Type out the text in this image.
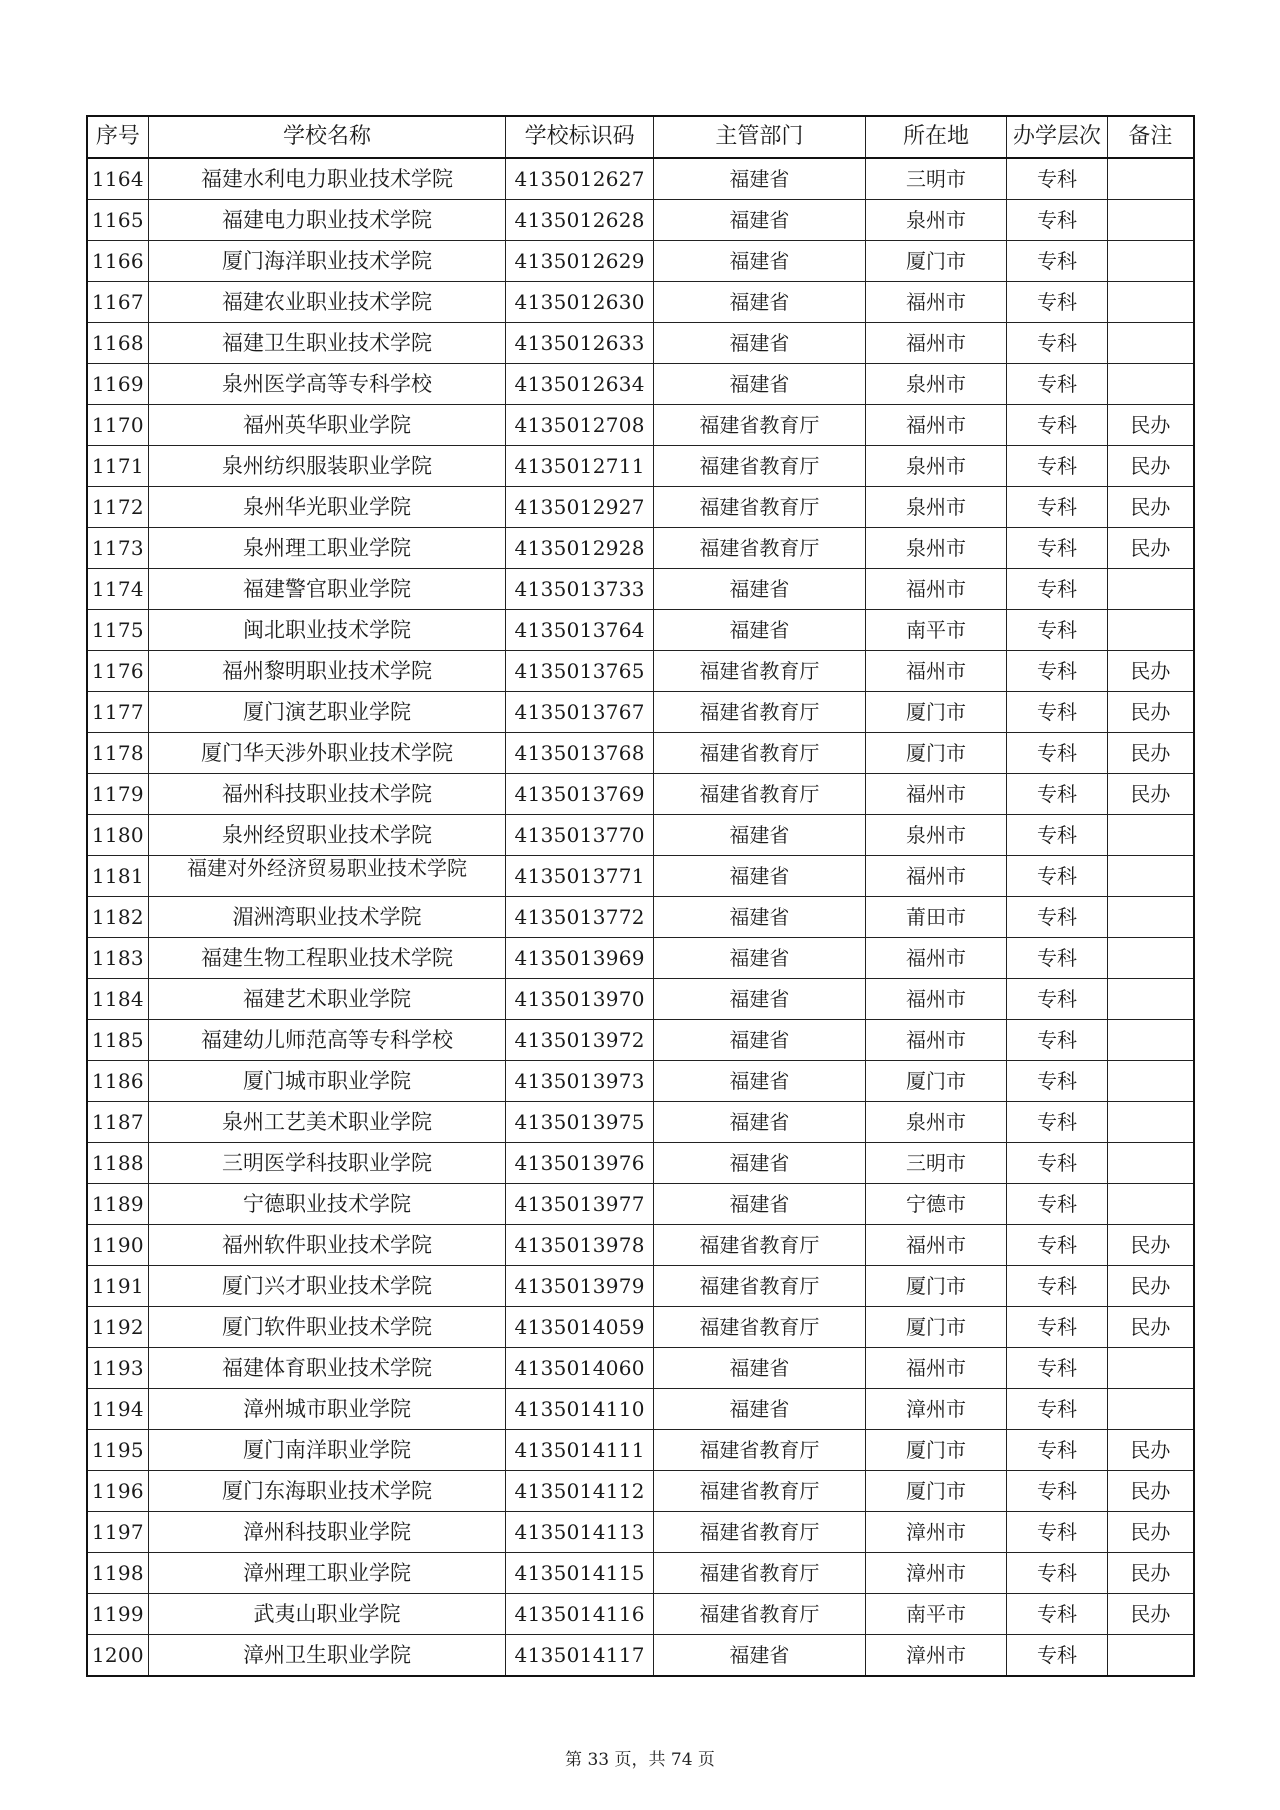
序号	学校名称	学校标识码	主管部门	所在地	办学层次	备注
1164	福建水利电力职业技术学院	4135012627	福建省	三明市	专科	
1165	福建电力职业技术学院	4135012628	福建省	泉州市	专科	
1166	厦门海洋职业技术学院	4135012629	福建省	厦门市	专科	
1167	福建农业职业技术学院	4135012630	福建省	福州市	专科	
1168	福建卫生职业技术学院	4135012633	福建省	福州市	专科	
1169	泉州医学高等专科学校	4135012634	福建省	泉州市	专科	
1170	福州英华职业学院	4135012708	福建省教育厅	福州市	专科	民办
1171	泉州纺织服装职业学院	4135012711	福建省教育厅	泉州市	专科	民办
1172	泉州华光职业学院	4135012927	福建省教育厅	泉州市	专科	民办
1173	泉州理工职业学院	4135012928	福建省教育厅	泉州市	专科	民办
1174	福建警官职业学院	4135013733	福建省	福州市	专科	
1175	闽北职业技术学院	4135013764	福建省	南平市	专科	
1176	福州黎明职业技术学院	4135013765	福建省教育厅	福州市	专科	民办
1177	厦门演艺职业学院	4135013767	福建省教育厅	厦门市	专科	民办
1178	厦门华天涉外职业技术学院	4135013768	福建省教育厅	厦门市	专科	民办
1179	福州科技职业技术学院	4135013769	福建省教育厅	福州市	专科	民办
1180	泉州经贸职业技术学院	4135013770	福建省	泉州市	专科	
1181	福建对外经济贸易职业技术学院	4135013771	福建省	福州市	专科	
1182	湄洲湾职业技术学院	4135013772	福建省	莆田市	专科	
1183	福建生物工程职业技术学院	4135013969	福建省	福州市	专科	
1184	福建艺术职业学院	4135013970	福建省	福州市	专科	
1185	福建幼儿师范高等专科学校	4135013972	福建省	福州市	专科	
1186	厦门城市职业学院	4135013973	福建省	厦门市	专科	
1187	泉州工艺美术职业学院	4135013975	福建省	泉州市	专科	
1188	三明医学科技职业学院	4135013976	福建省	三明市	专科	
1189	宁德职业技术学院	4135013977	福建省	宁德市	专科	
1190	福州软件职业技术学院	4135013978	福建省教育厅	福州市	专科	民办
1191	厦门兴才职业技术学院	4135013979	福建省教育厅	厦门市	专科	民办
1192	厦门软件职业技术学院	4135014059	福建省教育厅	厦门市	专科	民办
1193	福建体育职业技术学院	4135014060	福建省	福州市	专科	
1194	漳州城市职业学院	4135014110	福建省	漳州市	专科	
1195	厦门南洋职业学院	4135014111	福建省教育厅	厦门市	专科	民办
1196	厦门东海职业技术学院	4135014112	福建省教育厅	厦门市	专科	民办
1197	漳州科技职业学院	4135014113	福建省教育厅	漳州市	专科	民办
1198	漳州理工职业学院	4135014115	福建省教育厅	漳州市	专科	民办
1199	武夷山职业学院	4135014116	福建省教育厅	南平市	专科	民办
1200	漳州卫生职业学院	4135014117	福建省	漳州市	专科	
第 33 页，共 74 页
